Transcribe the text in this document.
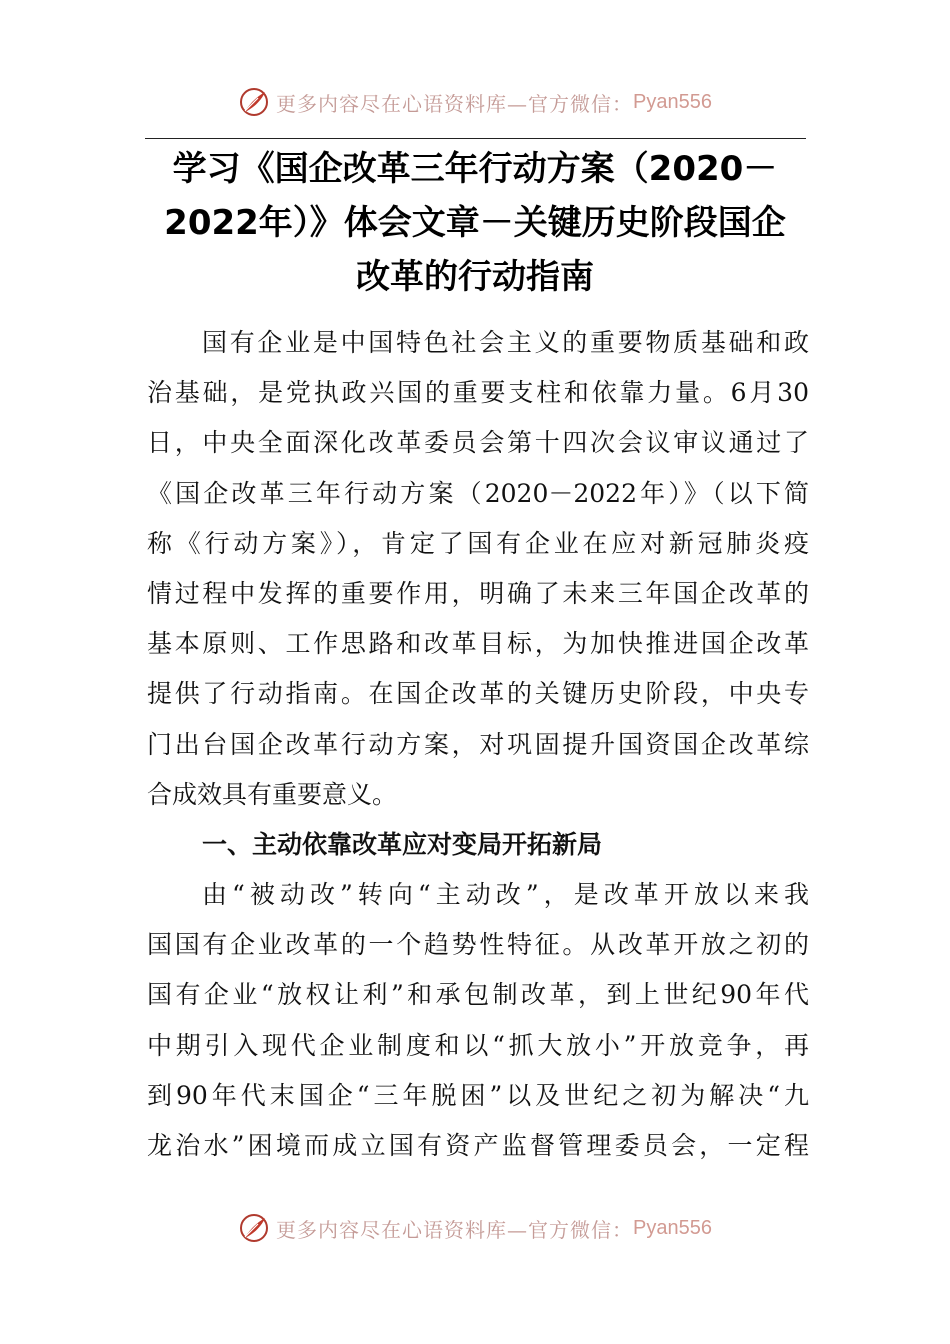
更多内容尽在心语资料库—官方微信： Pyan556
学习《国企改革三年行动方案（2020－
2022年）》体会文章－关键历史阶段国企
改革的行动指南
国有企业是中国特色社会主义的重要物质基础和政
治基础，是党执政兴国的重要支柱和依靠力量。6月30
日，中央全面深化改革委员会第十四次会议审议通过了
《国企改革三年行动方案（2020－2022年）》（以下简
称《行动方案》），肯定了国有企业在应对新冠肺炎疫
情过程中发挥的重要作用，明确了未来三年国企改革的
基本原则、工作思路和改革目标，为加快推进国企改革
提供了行动指南。在国企改革的关键历史阶段，中央专
门出台国企改革行动方案，对巩固提升国资国企改革综
合成效具有重要意义。
一、主动依靠改革应对变局开拓新局
由“被动改”转向“主动改”，是改革开放以来我
国国有企业改革的一个趋势性特征。从改革开放之初的
国有企业“放权让利”和承包制改革，到上世纪90年代
中期引入现代企业制度和以“抓大放小”开放竞争，再
到90年代末国企“三年脱困”以及世纪之初为解决“九
龙治水”困境而成立国有资产监督管理委员会，一定程
更多内容尽在心语资料库—官方微信： Pyan556
